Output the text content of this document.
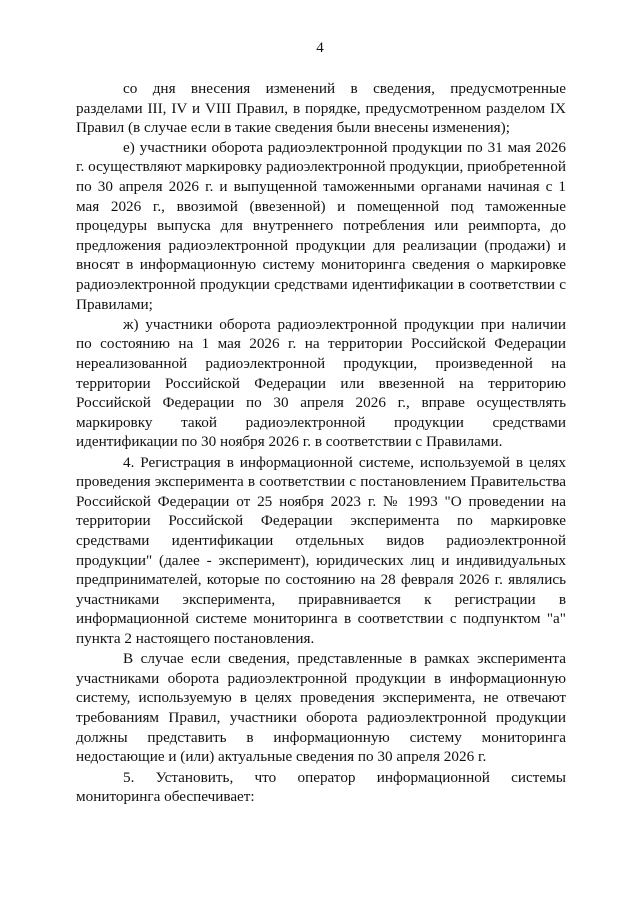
4

со дня внесения изменений в сведения, предусмотренные разделами III, IV и VIII Правил, в порядке, предусмотренном разделом IX Правил (в случае если в такие сведения были внесены изменения);

е) участники оборота радиоэлектронной продукции по 31 мая 2026 г. осуществляют маркировку радиоэлектронной продукции, приобретенной по 30 апреля 2026 г. и выпущенной таможенными органами начиная с 1 мая 2026 г., ввозимой (ввезенной) и помещенной под таможенные процедуры выпуска для внутреннего потребления или реимпорта, до предложения радиоэлектронной продукции для реализации (продажи) и вносят в информационную систему мониторинга сведения о маркировке радиоэлектронной продукции средствами идентификации в соответствии с Правилами;

ж) участники оборота радиоэлектронной продукции при наличии по состоянию на 1 мая 2026 г. на территории Российской Федерации нереализованной радиоэлектронной продукции, произведенной на территории Российской Федерации или ввезенной на территорию Российской Федерации по 30 апреля 2026 г., вправе осуществлять маркировку такой радиоэлектронной продукции средствами идентификации по 30 ноября 2026 г. в соответствии с Правилами.

4. Регистрация в информационной системе, используемой в целях проведения эксперимента в соответствии с постановлением Правительства Российской Федерации от 25 ноября 2023 г. № 1993 "О проведении на территории Российской Федерации эксперимента по маркировке средствами идентификации отдельных видов радиоэлектронной продукции" (далее - эксперимент), юридических лиц и индивидуальных предпринимателей, которые по состоянию на 28 февраля 2026 г. являлись участниками эксперимента, приравнивается к регистрации в информационной системе мониторинга в соответствии с подпунктом "а" пункта 2 настоящего постановления.

В случае если сведения, представленные в рамках эксперимента участниками оборота радиоэлектронной продукции в информационную систему, используемую в целях проведения эксперимента, не отвечают требованиям Правил, участники оборота радиоэлектронной продукции должны представить в информационную систему мониторинга недостающие и (или) актуальные сведения по 30 апреля 2026 г.

5. Установить, что оператор информационной системы мониторинга обеспечивает:
